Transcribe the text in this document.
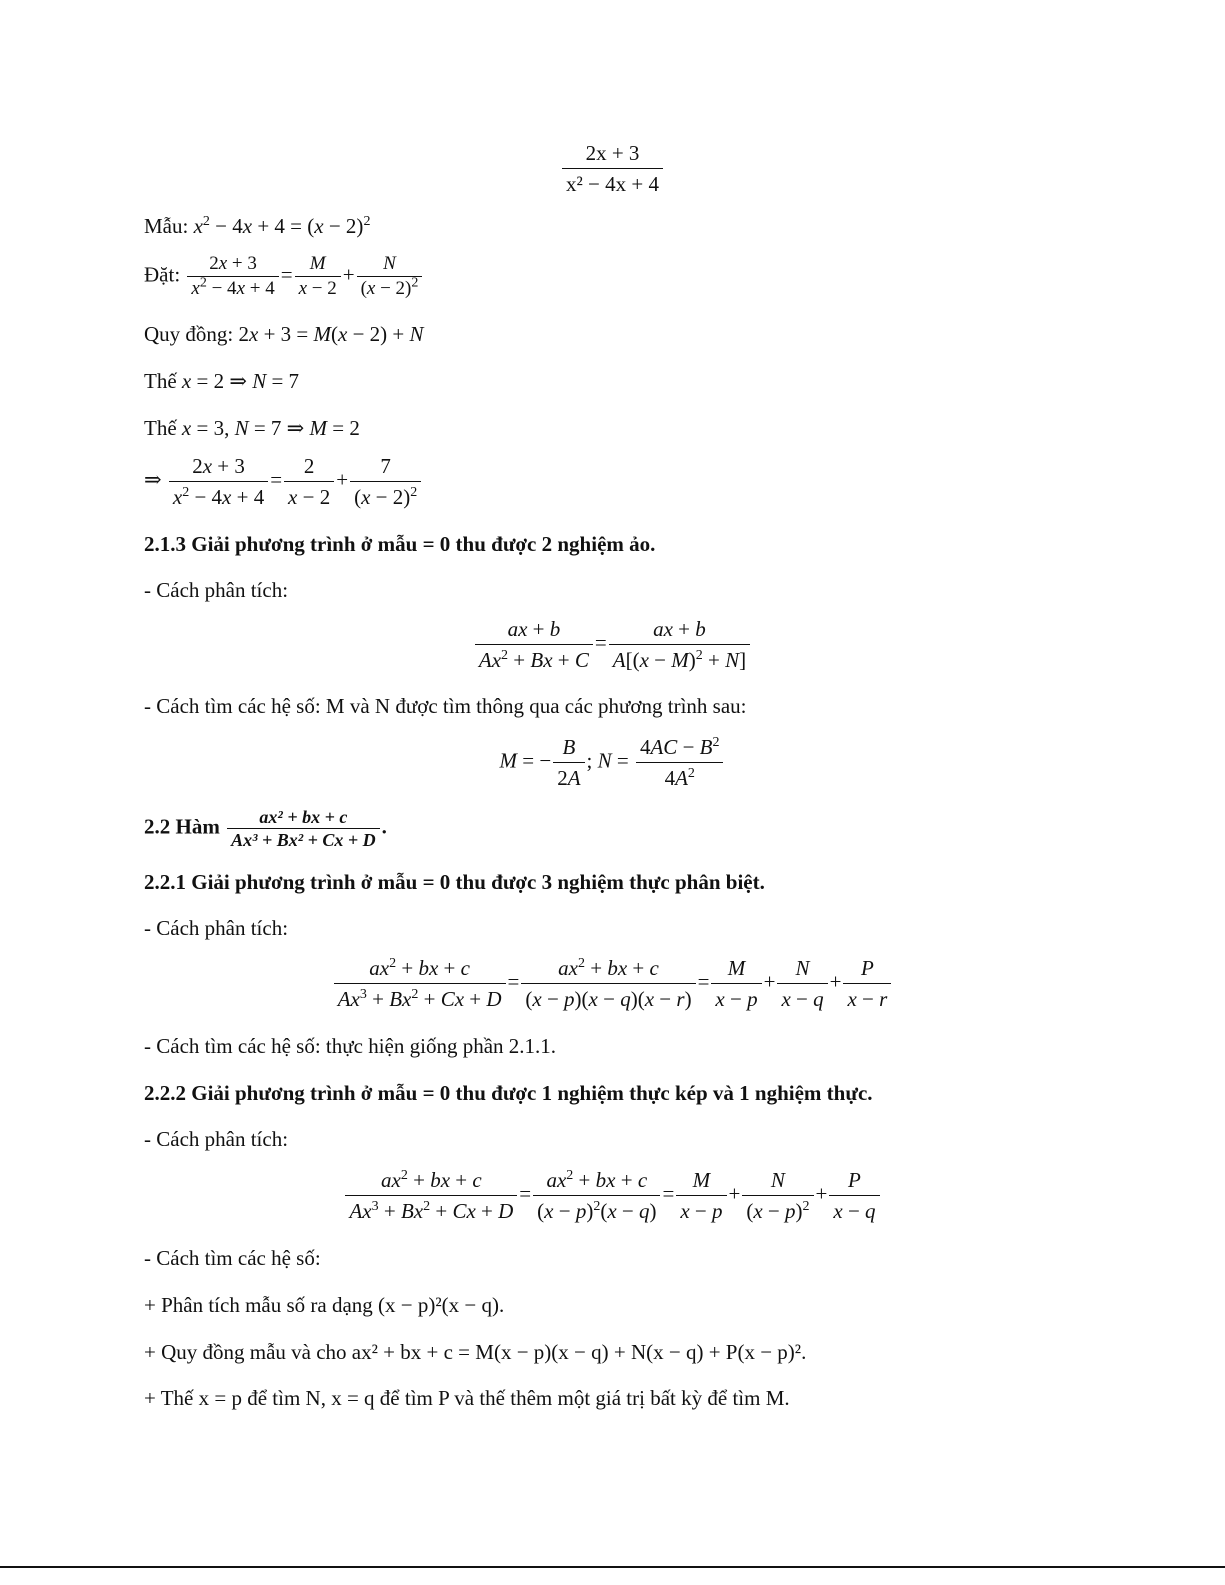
$\frac{2x + 3}{\text{x² − 4x + 4}}$
Mẫu: $x^2 - 4x + 4 = (x - 2)^2$
Đặt: $\frac{2x + 3}{x^2 - 4x + 4} = \frac{M}{x - 2} + \frac{N}{(x - 2)^2}$
Quy đồng: 2x + 3 = M(x − 2) + N
Thế x = 2 ⇒ N = 7
Thế x = 3, N = 7 ⇒ M = 2
⇒ $\frac{2x + 3}{x^2 - 4x + 4} = \frac{2}{x - 2} + \frac{7}{(x - 2)^2}$
2.1.3 Giải phương trình ở mẫu = 0 thu được 2 nghiệm ảo.
- Cách phân tích:
$\frac{ax + b}{Ax^2 + Bx + C} = \frac{ax + b}{A[(x - M)^2 + N]}$
- Cách tìm các hệ số: M và N được tìm thông qua các phương trình sau:
M = − $\frac{B}{2A}$ ; $N = \frac{4AC - B^2}{4A^2}$
2.2 Hàm $\frac{\text{ax² + bx + c}}{\text{Ax³ + Bx² + Cx + D}}$ .
2.2.1 Giải phương trình ở mẫu = 0 thu được 3 nghiệm thực phân biệt.
- Cách phân tích:
$\frac{ax^2 + bx + c}{Ax^3 + Bx^2 + Cx + D} = \frac{ax^2 + bx + c}{(x - p)(x - q)(x - r)} = \frac{M}{x - p} + \frac{N}{x - q} + \frac{P}{x - r}$
- Cách tìm các hệ số: thực hiện giống phần 2.1.1.
2.2.2 Giải phương trình ở mẫu = 0 thu được 1 nghiệm thực kép và 1 nghiệm thực.
- Cách phân tích:
$\frac{ax^2 + bx + c}{Ax^3 + Bx^2 + Cx + D} = \frac{ax^2 + bx + c}{(x - p)^2(x - q)} = \frac{M}{x - p} + \frac{N}{(x - p)^2} + \frac{P}{x - q}$
- Cách tìm các hệ số:
+ Phân tích mẫu số ra dạng (x − p)²(x − q).
+ Quy đồng mẫu và cho ax² + bx + c = M(x − p)(x − q) + N(x − q) + P(x − p)².
+ Thế x = p để tìm N, x = q để tìm P và thế thêm một giá trị bất kỳ để tìm M.
